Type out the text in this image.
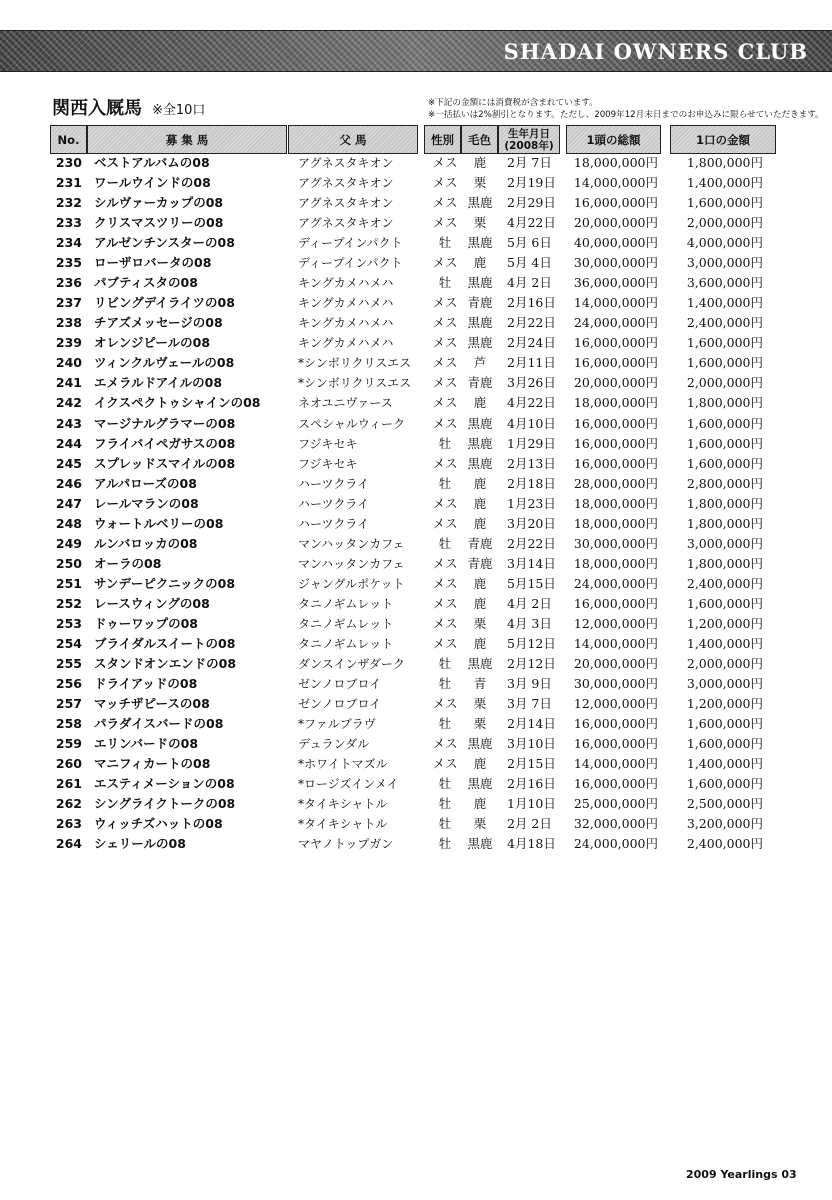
SHADAI OWNERS CLUB
関西入厩馬 ※全10口	※下記の金額には消費税が含まれています。
※一括払いは2%割引となります。ただし、2009年12月末日までのお申込みに限らせていただきます。
No.	募 集 馬	父 馬	性別	毛色	生年月日
(2008年)	1頭の総額	1口の金額
230 ベストアルバムの08	アグネスタキオン	メス	鹿	2月 7日	18,000,000円	1,800,000円
231 ワールウインドの08	アグネスタキオン	メス	栗	2月19日	14,000,000円	1,400,000円
232 シルヴァーカップの08	アグネスタキオン	メス 黒鹿	2月29日	16,000,000円	1,600,000円
233 クリスマスツリーの08	アグネスタキオン	メス	栗	4月22日	20,000,000円	2,000,000円
234 アルゼンチンスターの08	ディープインパクト	牡	黒鹿	5月 6日	40,000,000円	4,000,000円
235 ローザロバータの08	ディープインパクト	メス	鹿	5月 4日	30,000,000円	3,000,000円
236 パブティスタの08	キングカメハメハ	牡	黒鹿	4月 2日	36,000,000円	3,600,000円
237 リビングデイライツの08	キングカメハメハ	メス 青鹿	2月16日	14,000,000円	1,400,000円
238 チアズメッセージの08	キングカメハメハ	メス 黒鹿	2月22日	24,000,000円	2,400,000円
239 オレンジピールの08	キングカメハメハ	メス 黒鹿	2月24日	16,000,000円	1,600,000円
240 ツィンクルヴェールの08	*シンボリクリスエス	メス	芦	2月11日	16,000,000円	1,600,000円
241 エメラルドアイルの08	*シンボリクリスエス	メス 青鹿	3月26日	20,000,000円	2,000,000円
242 イクスペクトゥシャインの08	ネオユニヴァース	メス	鹿	4月22日	18,000,000円	1,800,000円
243 マージナルグラマーの08	スペシャルウィーク	メス 黒鹿	4月10日	16,000,000円	1,600,000円
244 フライバイペガサスの08	フジキセキ	牡	黒鹿	1月29日	16,000,000円	1,600,000円
245 スプレッドスマイルの08	フジキセキ	メス 黒鹿	2月13日	16,000,000円	1,600,000円
246 アルパローズの08	ハーツクライ	牡	鹿	2月18日	28,000,000円	2,800,000円
247 レールマランの08	ハーツクライ	メス	鹿	1月23日	18,000,000円	1,800,000円
248 ウォートルベリーの08	ハーツクライ	メス	鹿	3月20日	18,000,000円	1,800,000円
249 ルンバロッカの08	マンハッタンカフェ	牡	青鹿	2月22日	30,000,000円	3,000,000円
250 オーラの08	マンハッタンカフェ	メス 青鹿	3月14日	18,000,000円	1,800,000円
251 サンデーピクニックの08	ジャングルポケット	メス	鹿	5月15日	24,000,000円	2,400,000円
252 レースウィングの08	タニノギムレット	メス	鹿	4月 2日	16,000,000円	1,600,000円
253 ドゥーワップの08	タニノギムレット	メス	栗	4月 3日	12,000,000円	1,200,000円
254 ブライダルスイートの08	タニノギムレット	メス	鹿	5月12日	14,000,000円	1,400,000円
255 スタンドオンエンドの08	ダンスインザダーク	牡	黒鹿	2月12日	20,000,000円	2,000,000円
256 ドライアッドの08	ゼンノロブロイ	牡	青	3月 9日	30,000,000円	3,000,000円
257 マッチザピースの08	ゼンノロブロイ	メス	栗	3月 7日	12,000,000円	1,200,000円
258 パラダイスバードの08	*ファルブラヴ	牡	栗	2月14日	16,000,000円	1,600,000円
259 エリンバードの08	デュランダル	メス 黒鹿	3月10日	16,000,000円	1,600,000円
260 マニフィカートの08	*ホワイトマズル	メス	鹿	2月15日	14,000,000円	1,400,000円
261 エスティメーションの08	*ロージズインメイ	牡	黒鹿	2月16日	16,000,000円	1,600,000円
262 シングライクトークの08	*タイキシャトル	牡	鹿	1月10日	25,000,000円	2,500,000円
263 ウィッチズハットの08	*タイキシャトル	牡	栗	2月 2日	32,000,000円	3,200,000円
264 シェリールの08	マヤノトップガン	牡	黒鹿	4月18日	24,000,000円	2,400,000円
2009 Yearlings 03
